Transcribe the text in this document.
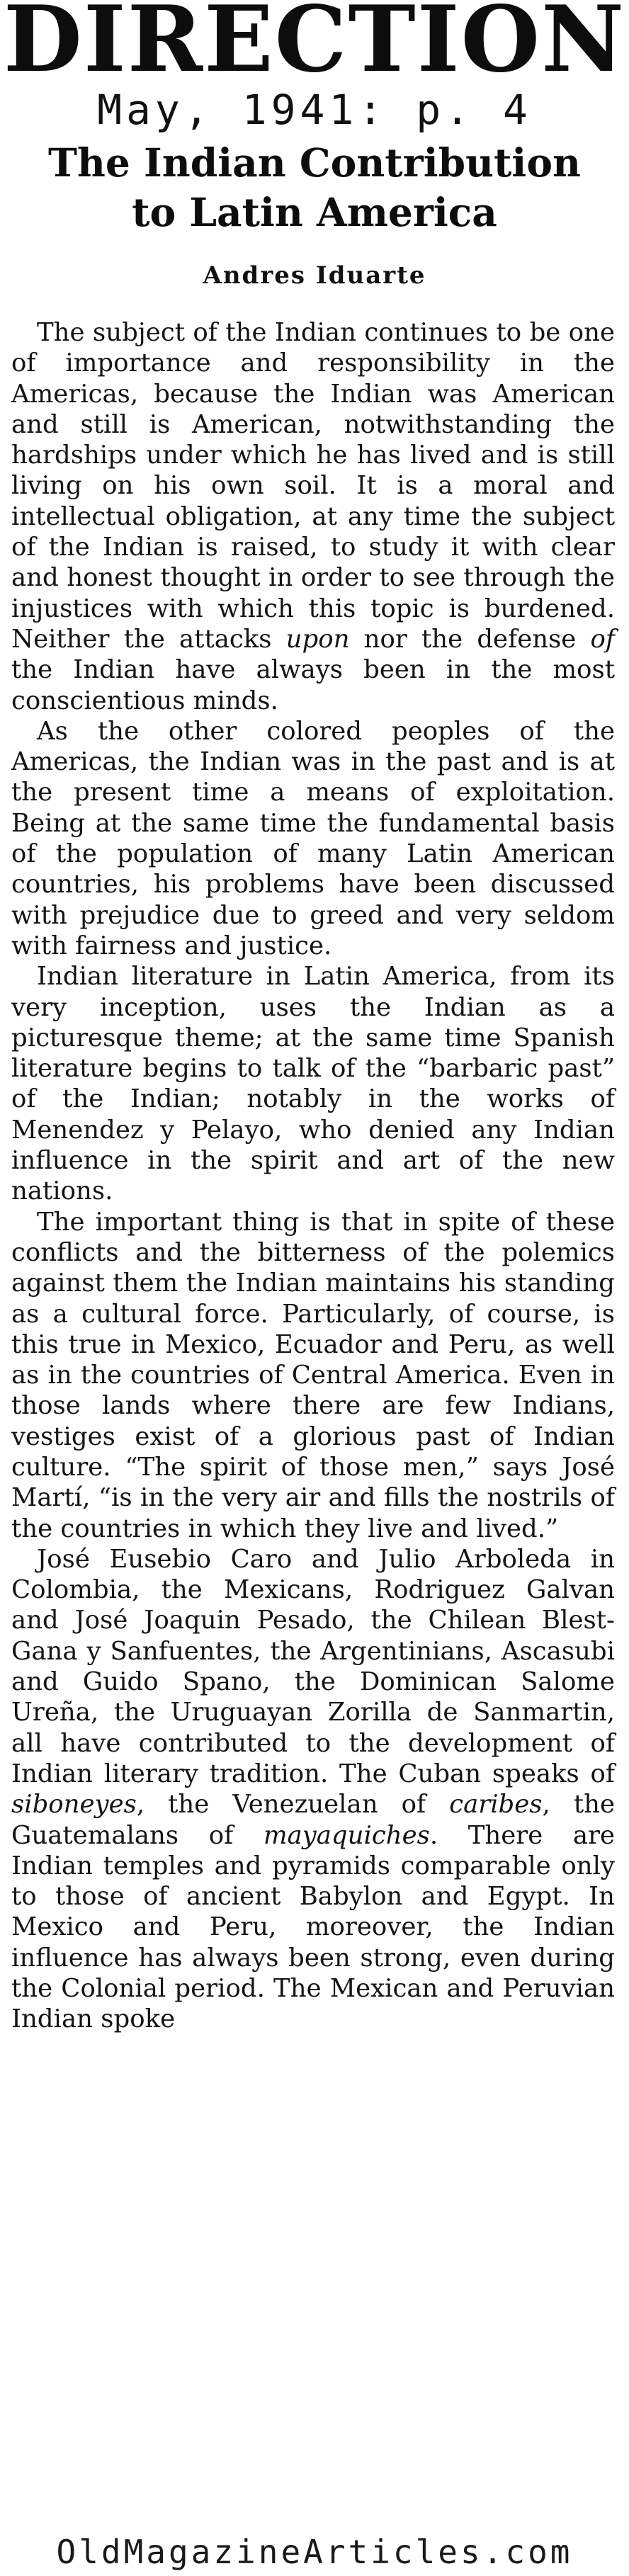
DIRECTION
May, 1941: p. 4
The Indian Contribution
to Latin America
Andres Iduarte

The subject of the Indian continues to be one of importance and responsibility in the Americas, because the Indian was American and still is American, notwithstanding the hardships under which he has lived and is still living on his own soil. It is a moral and intellectual obligation, at any time the subject of the Indian is raised, to study it with clear and honest thought in order to see through the injustices with which this topic is burdened. Neither the attacks upon nor the defense of the Indian have always been in the most conscientious minds.

As the other colored peoples of the Americas, the Indian was in the past and is at the present time a means of exploitation. Being at the same time the fundamental basis of the population of many Latin American countries, his problems have been discussed with prejudice due to greed and very seldom with fairness and justice.

Indian literature in Latin America, from its very inception, uses the Indian as a picturesque theme; at the same time Spanish literature begins to talk of the “barbaric past” of the Indian; notably in the works of Menendez y Pelayo, who denied any Indian influence in the spirit and art of the new nations.

The important thing is that in spite of these conflicts and the bitterness of the polemics against them the Indian maintains his standing as a cultural force. Particularly, of course, is this true in Mexico, Ecuador and Peru, as well as in the countries of Central America. Even in those lands where there are few Indians, vestiges exist of a glorious past of Indian culture. “The spirit of those men,” says José Martí, “is in the very air and fills the nostrils of the countries in which they live and lived.”

José Eusebio Caro and Julio Arboleda in Colombia, the Mexicans, Rodriguez Galvan and José Joaquin Pesado, the Chilean Blest-Gana y Sanfuentes, the Argentinians, Ascasubi and Guido Spano, the Dominican Salome Ureña, the Uruguayan Zorilla de Sanmartin, all have contributed to the development of Indian literary tradition. The Cuban speaks of siboneyes, the Venezuelan of caribes, the Guatemalans of mayaquiches. There are Indian temples and pyramids comparable only to those of ancient Babylon and Egypt. In Mexico and Peru, moreover, the Indian influence has always been strong, even during the Colonial period. The Mexican and Peruvian Indian spoke

OldMagazineArticles.com
